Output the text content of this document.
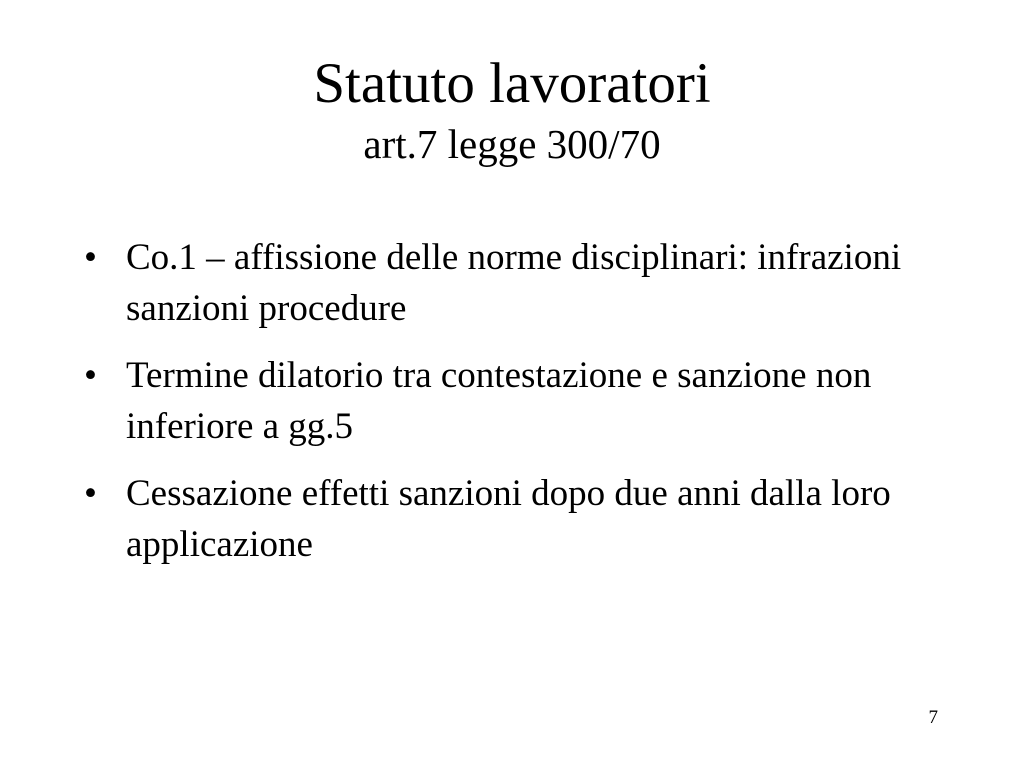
Statuto lavoratori
art.7 legge 300/70
• Co.1 – affissione delle norme disciplinari: infrazioni sanzioni procedure
• Termine dilatorio tra contestazione e sanzione non inferiore a gg.5
• Cessazione effetti sanzioni dopo due anni dalla loro applicazione
7
